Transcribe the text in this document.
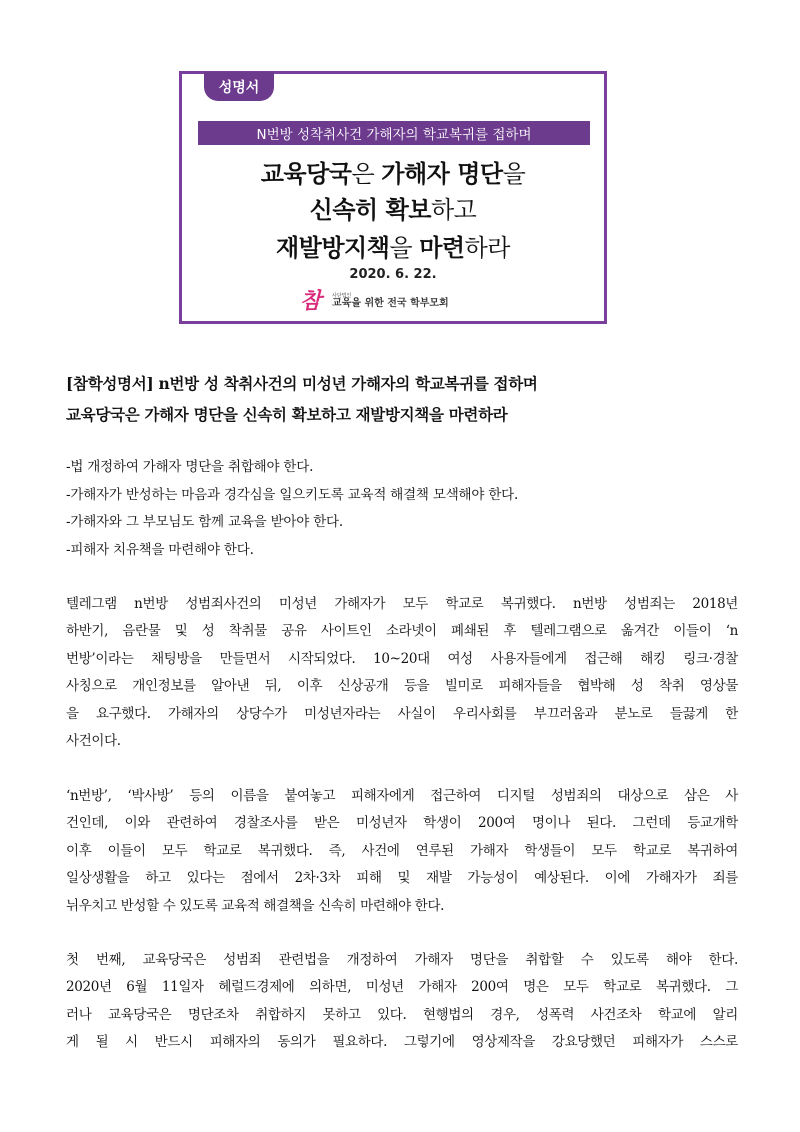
성명서
N번방 성착취사건 가해자의 학교복귀를 접하며
교육당국은 가해자 명단을
신속히 확보하고
재발방지책을 마련하라
2020. 6. 22.
참	사단법인
교육을 위한 전국 학부모회
[참학성명서] n번방 성 착취사건의 미성년 가해자의 학교복귀를 접하며
교육당국은 가해자 명단을 신속히 확보하고 재발방지책을 마련하라
-법 개정하여 가해자 명단을 취합해야 한다.
-가해자가 반성하는 마음과 경각심을 일으키도록 교육적 해결책 모색해야 한다.
-가해자와 그 부모님도 함께 교육을 받아야 한다.
-피해자 치유책을 마련해야 한다.
텔레그램 n번방 성범죄사건의 미성년 가해자가 모두 학교로 복귀했다. n번방 성범죄는 2018년
하반기, 음란물 및 성 착취물 공유 사이트인 소라넷이 폐쇄된 후 텔레그램으로 옮겨간 이들이 ‘n
번방’이라는 채팅방을 만들면서 시작되었다. 10~20대 여성 사용자들에게 접근해 해킹 링크·경찰
사칭으로 개인정보를 알아낸 뒤, 이후 신상공개 등을 빌미로 피해자들을 협박해 성 착취 영상물
을 요구했다. 가해자의 상당수가 미성년자라는 사실이 우리사회를 부끄러움과 분노로 들끓게 한
사건이다.
‘n번방’, ‘박사방’ 등의 이름을 붙여놓고 피해자에게 접근하여 디지털 성범죄의 대상으로 삼은 사
건인데, 이와 관련하여 경찰조사를 받은 미성년자 학생이 200여 명이나 된다. 그런데 등교개학
이후 이들이 모두 학교로 복귀했다. 즉, 사건에 연루된 가해자 학생들이 모두 학교로 복귀하여
일상생활을 하고 있다는 점에서 2차·3차 피해 및 재발 가능성이 예상된다. 이에 가해자가 죄를
뉘우치고 반성할 수 있도록 교육적 해결책을 신속히 마련해야 한다.
첫 번째, 교육당국은 성범죄 관련법을 개정하여 가해자 명단을 취합할 수 있도록 해야 한다.
2020년 6월 11일자 헤럴드경제에 의하면, 미성년 가해자 200여 명은 모두 학교로 복귀했다. 그
러나 교육당국은 명단조차 취합하지 못하고 있다. 현행법의 경우, 성폭력 사건조차 학교에 알리
게 될 시 반드시 피해자의 동의가 필요하다. 그렇기에 영상제작을 강요당했던 피해자가 스스로
